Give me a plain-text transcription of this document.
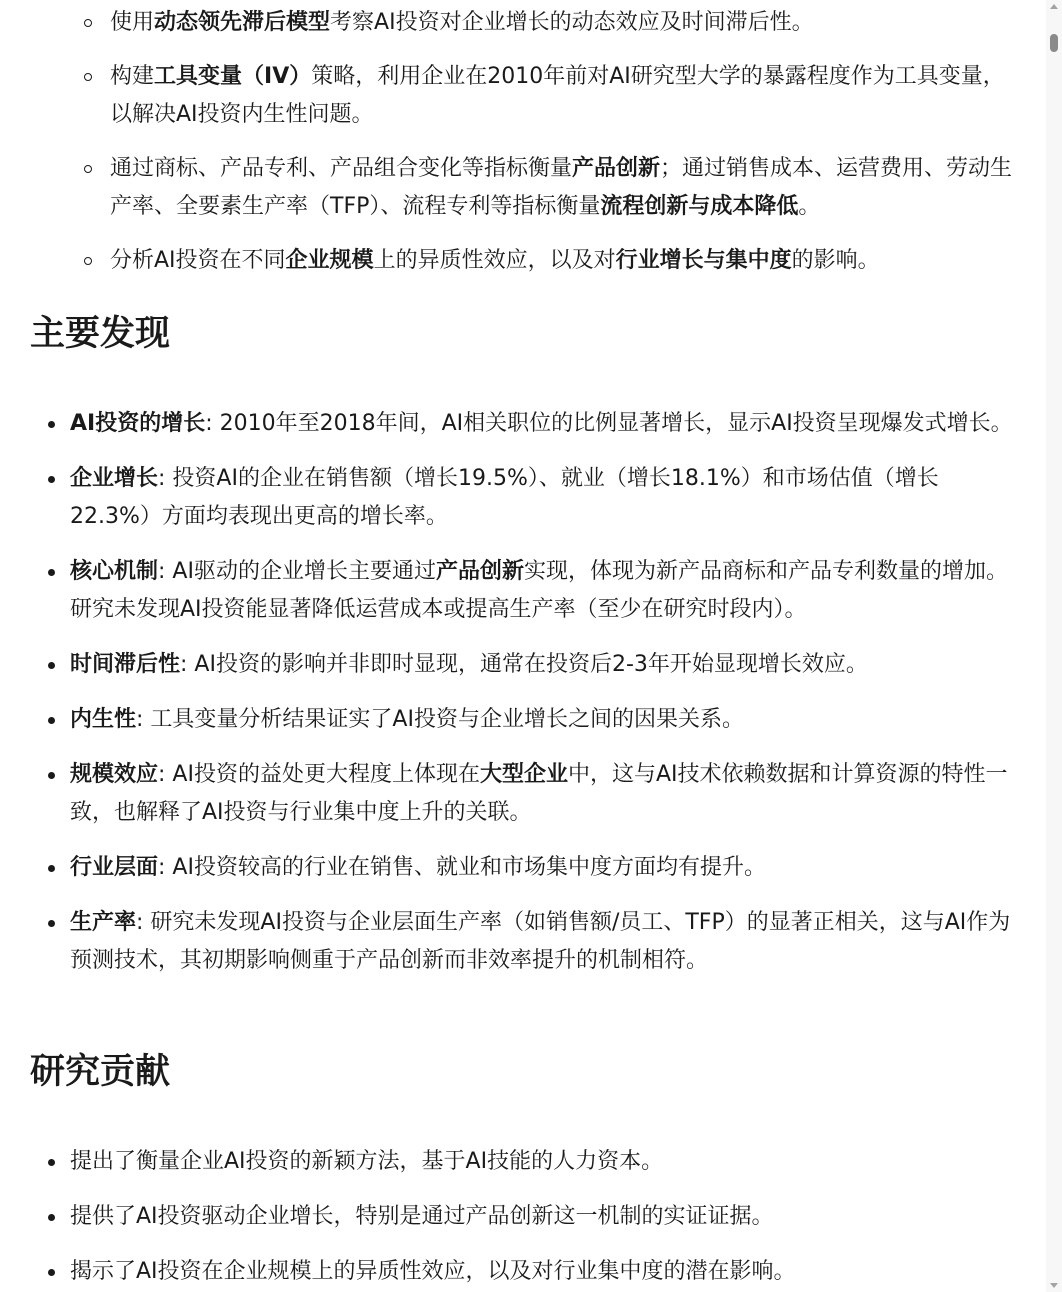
使用动态领先滞后模型考察AI投资对企业增长的动态效应及时间滞后性。
构建工具变量（IV）策略，利用企业在2010年前对AI研究型大学的暴露程度作为工具变量，以解决AI投资内生性问题。
通过商标、产品专利、产品组合变化等指标衡量产品创新；通过销售成本、运营费用、劳动生产率、全要素生产率（TFP）、流程专利等指标衡量流程创新与成本降低。
分析AI投资在不同企业规模上的异质性效应，以及对行业增长与集中度的影响。
主要发现
AI投资的增长: 2010年至2018年间，AI相关职位的比例显著增长，显示AI投资呈现爆发式增长。
企业增长: 投资AI的企业在销售额（增长19.5%）、就业（增长18.1%）和市场估值（增长22.3%）方面均表现出更高的增长率。
核心机制: AI驱动的企业增长主要通过产品创新实现，体现为新产品商标和产品专利数量的增加。研究未发现AI投资能显著降低运营成本或提高生产率（至少在研究时段内）。
时间滞后性: AI投资的影响并非即时显现，通常在投资后2-3年开始显现增长效应。
内生性: 工具变量分析结果证实了AI投资与企业增长之间的因果关系。
规模效应: AI投资的益处更大程度上体现在大型企业中，这与AI技术依赖数据和计算资源的特性一致，也解释了AI投资与行业集中度上升的关联。
行业层面: AI投资较高的行业在销售、就业和市场集中度方面均有提升。
生产率: 研究未发现AI投资与企业层面生产率（如销售额/员工、TFP）的显著正相关，这与AI作为预测技术，其初期影响侧重于产品创新而非效率提升的机制相符。
研究贡献
提出了衡量企业AI投资的新颖方法，基于AI技能的人力资本。
提供了AI投资驱动企业增长，特别是通过产品创新这一机制的实证证据。
揭示了AI投资在企业规模上的异质性效应，以及对行业集中度的潜在影响。
